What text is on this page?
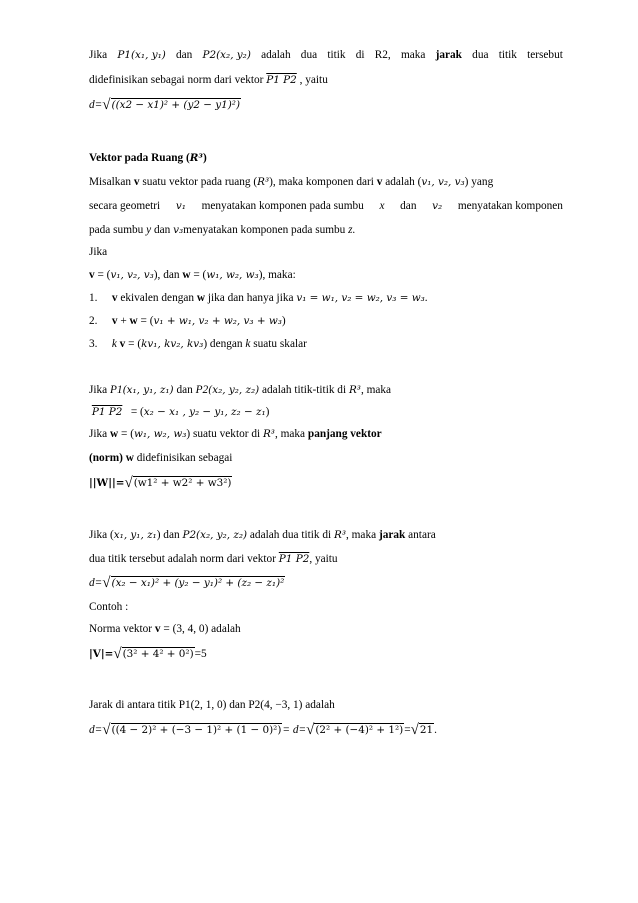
Jika P1(x₁, y₁) dan P2(x₂, y₂) adalah dua titik di R2, maka jarak dua titik tersebut
didefinisikan sebagai norm dari vektor P1 P2 , yaitu
d=√((x2 − x1)² + (y2 − y1)²)
Vektor pada Ruang (R³)
Misalkan v suatu vektor pada ruang (R³), maka komponen dari v adalah (v₁, v₂, v₃) yang
secara geometri v₁ menyatakan komponen pada sumbu x dan v₂ menyatakan komponen
pada sumbu y dan v₃menyatakan komponen pada sumbu z.
Jika
v = (v₁, v₂, v₃), dan w = (w₁, w₂, w₃), maka:
1. v ekivalen dengan w jika dan hanya jika v₁ = w₁, v₂ = w₂, v₃ = w₃.
2. v + w = (v₁ + w₁, v₂ + w₂, v₃ + w₃)
3. k v = (kv₁, kv₂, kv₃) dengan k suatu skalar
Jika P1(x₁, y₁, z₁) dan P2(x₂, y₂, z₂) adalah titik-titik di R³, maka
P1 P2 = (x₂ − x₁ , y₂ − y₁, z₂ − z₁)
Jika w = (w₁, w₂, w₃) suatu vektor di R³, maka panjang vektor
(norm) w didefinisikan sebagai
||W||=√(w1² + w2² + w3²)
Jika (x₁, y₁, z₁) dan P2(x₂, y₂, z₂) adalah dua titik di R³, maka jarak antara
dua titik tersebut adalah norm dari vektor P1 P2, yaitu
d=√(x₂ − x₁)² + (y₂ − y₁)² + (z₂ − z₁)²
Contoh :
Norma vektor v = (3, 4, 0) adalah
|V|=√(3² + 4² + 0²)=5
Jarak di antara titik P1(2, 1, 0) dan P2(4, −3, 1) adalah
d=√((4 − 2)² + (−3 − 1)² + (1 − 0)²)= d=√(2² + (−4)² + 1²)=√21.
